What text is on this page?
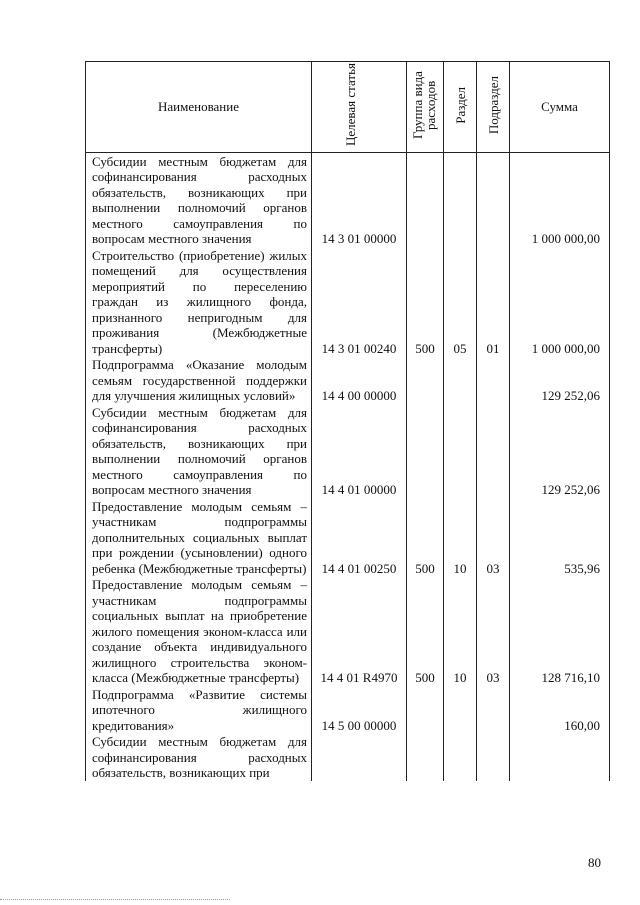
Наименование	Целевая статья	Группа вида расходов	Раздел	Подраздел	Сумма
Субсидии местным бюджетам для софинансирования расходных обязательств, возникающих при выполнении полномочий органов местного самоуправления по вопросам местного значения	14 3 01 00000				1 000 000,00
Строительство (приобретение) жилых помещений для осуществления мероприятий по переселению граждан из жилищного фонда, признанного непригодным для проживания (Межбюджетные трансферты)	14 3 01 00240	500	05	01	1 000 000,00
Подпрограмма «Оказание молодым семьям государственной поддержки для улучшения жилищных условий»	14 4 00 00000				129 252,06
Субсидии местным бюджетам для софинансирования расходных обязательств, возникающих при выполнении полномочий органов местного самоуправления по вопросам местного значения	14 4 01 00000				129 252,06
Предоставление молодым семьям – участникам подпрограммы дополнительных социальных выплат при рождении (усыновлении) одного ребенка (Межбюджетные трансферты)	14 4 01 00250	500	10	03	535,96
Предоставление молодым семьям – участникам подпрограммы социальных выплат на приобретение жилого помещения эконом-класса или создание объекта индивидуального жилищного строительства эконом-класса (Межбюджетные трансферты)	14 4 01 R4970	500	10	03	128 716,10
Подпрограмма «Развитие системы ипотечного жилищного кредитования»	14 5 00 00000				160,00
Субсидии местным бюджетам для софинансирования расходных обязательств, возникающих при					
80
